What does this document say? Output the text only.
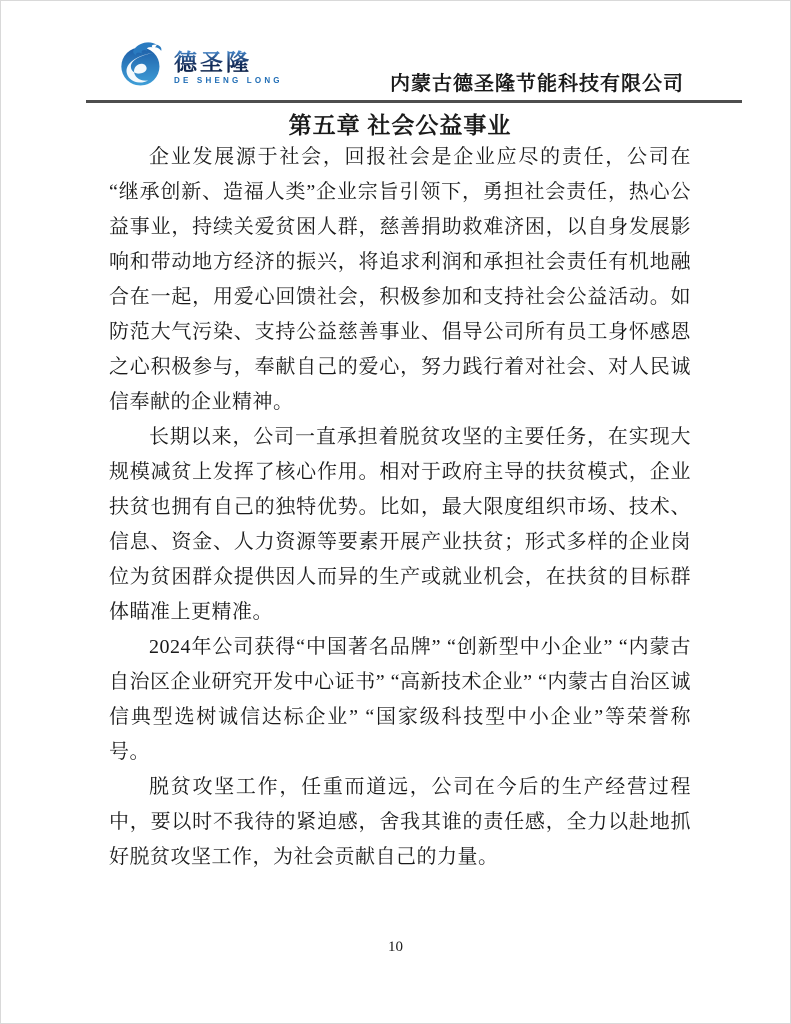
德圣隆
DE SHENG LONG	内蒙古德圣隆节能科技有限公司
第五章 社会公益事业

企业发展源于社会，回报社会是企业应尽的责任，公司在“继承创新、造福人类”企业宗旨引领下，勇担社会责任，热心公益事业，持续关爱贫困人群，慈善捐助救难济困，以自身发展影响和带动地方经济的振兴，将追求利润和承担社会责任有机地融合在一起，用爱心回馈社会，积极参加和支持社会公益活动。如防范大气污染、支持公益慈善事业、倡导公司所有员工身怀感恩之心积极参与，奉献自己的爱心，努力践行着对社会、对人民诚信奉献的企业精神。

长期以来，公司一直承担着脱贫攻坚的主要任务，在实现大规模减贫上发挥了核心作用。相对于政府主导的扶贫模式，企业扶贫也拥有自己的独特优势。比如，最大限度组织市场、技术、信息、资金、人力资源等要素开展产业扶贫；形式多样的企业岗位为贫困群众提供因人而异的生产或就业机会，在扶贫的目标群体瞄准上更精准。

2024年公司获得“中国著名品牌” “创新型中小企业” “内蒙古自治区企业研究开发中心证书” “高新技术企业” “内蒙古自治区诚信典型选树诚信达标企业” “国家级科技型中小企业”等荣誉称号。

脱贫攻坚工作，任重而道远，公司在今后的生产经营过程中，要以时不我待的紧迫感，舍我其谁的责任感，全力以赴地抓好脱贫攻坚工作，为社会贡献自己的力量。

10
